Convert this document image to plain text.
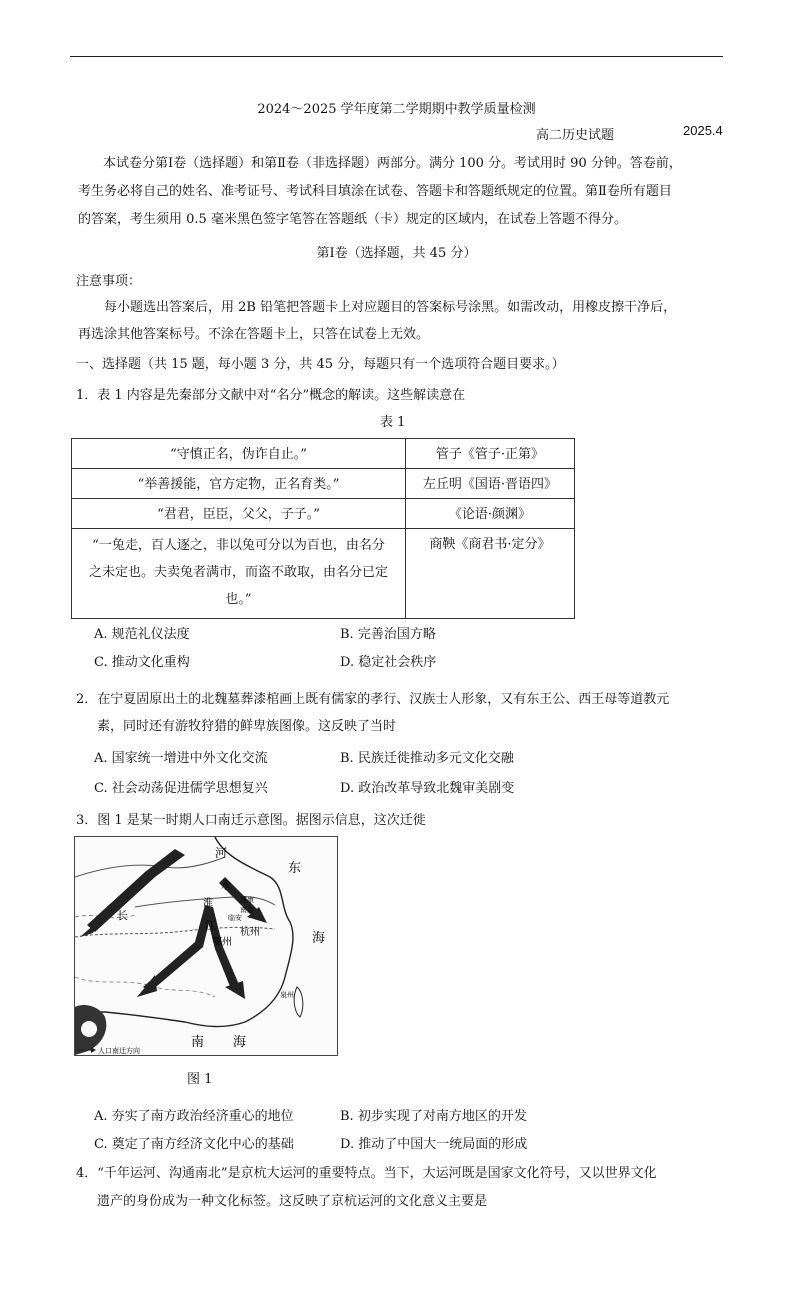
2024～2025 学年度第二学期期中教学质量检测
高二历史试题	2025.4
本试卷分第Ⅰ卷（选择题）和第Ⅱ卷（非选择题）两部分。满分 100 分。考试用时 90 分钟。答卷前，
考生务必将自己的姓名、准考证号、考试科目填涂在试卷、答题卡和答题纸规定的位置。第Ⅱ卷所有题目
的答案，考生须用 0.5 毫米黑色签字笔答在答题纸（卡）规定的区域内，在试卷上答题不得分。
第Ⅰ卷（选择题，共 45 分）
注意事项：
每小题选出答案后，用 2B 铅笔把答题卡上对应题目的答案标号涂黑。如需改动，用橡皮擦干净后，
再选涂其他答案标号。不涂在答题卡上，只答在试卷上无效。
一、选择题（共 15 题，每小题 3 分，共 45 分，每题只有一个选项符合题目要求。）
1．表 1 内容是先秦部分文献中对“名分”概念的解读。这些解读意在
表 1
“守慎正名，伪诈自止。”	管子《管子·正第》
“举善援能，官方定物，正名育类。”	左丘明《国语·晋语四》
“君君，臣臣，父父，子子。”	《论语·颜渊》

“一兔走，百人逐之，非以兔可分以为百也，由名分
之未定也。夫卖兔者满市，而盗不敢取，由名分已定
也。”	商鞅《商君书·定分》
A. 规范礼仪法度	B. 完善治国方略
C. 推动文化重构	D. 稳定社会秩序
2．在宁夏固原出土的北魏墓葬漆棺画上既有儒家的孝行、汉族士人形象，又有东王公、西王母等道教元
素，同时还有游牧狩猎的鲜卑族图像。这反映了当时
A. 国家统一增进中外文化交流	B. 民族迁徙推动多元文化交融
C. 社会动荡促进儒学思想复兴	D. 政治改革导致北魏审美剧变
3．图 1 是某一时期人口南迁示意图。据图示信息，这次迁徙
河
东
水
淮	建康
南京
长
江
临安
杭州
鄂州	海
南 海
泉州
人口南迁方向
图 1
A. 夯实了南方政治经济重心的地位	B. 初步实现了对南方地区的开发
C. 奠定了南方经济文化中心的基础	D. 推动了中国大一统局面的形成
4．“千年运河、沟通南北”是京杭大运河的重要特点。当下，大运河既是国家文化符号，又以世界文化
遗产的身份成为一种文化标签。这反映了京杭运河的文化意义主要是
